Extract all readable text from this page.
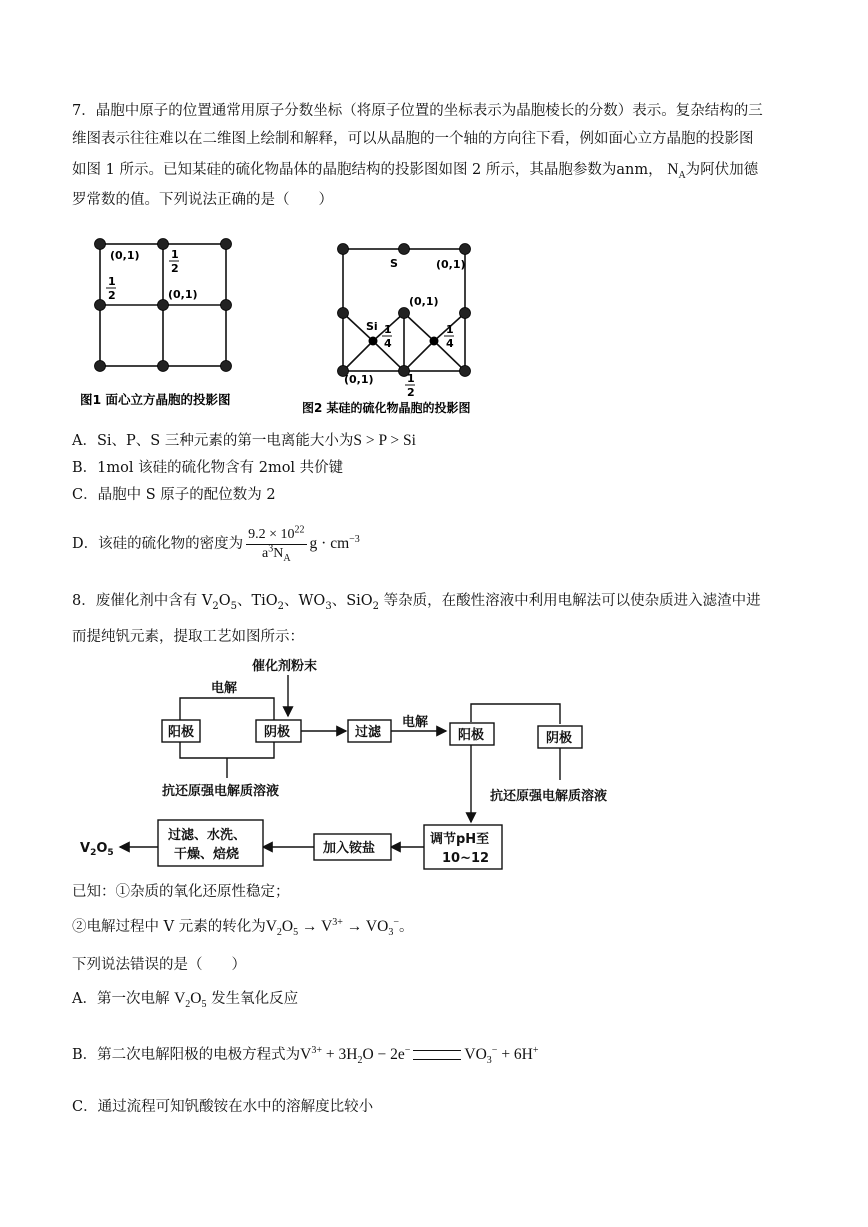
7．晶胞中原子的位置通常用原子分数坐标（将原子位置的坐标表示为晶胞棱长的分数）表示。复杂结构的三
维图表示往往难以在二维图上绘制和解释，可以从晶胞的一个轴的方向往下看，例如面心立方晶胞的投影图
如图 1 所示。已知某硅的硫化物晶体的晶胞结构的投影图如图 2 所示，其晶胞参数为anm， $N_A$为阿伏加德
罗常数的值。下列说法正确的是（　　）
(0,1)	1
2
1
2	(0,1)
图1 面心立方晶胞的投影图
S	(0,1)
(0,1)
Si 1
4
1
4
(0,1)	1
2
图2 某硅的硫化物晶胞的投影图
A．Si、P、S 三种元素的第一电离能大小为S > P > Si
B．1mol 该硅的硫化物含有 2mol 共价键
C．晶胞中 S 原子的配位数为 2
D．该硅的硫化物的密度为 $\frac{9.2 \times 10^{22}}{a^3N_A}$ $g \cdot cm^{-3}$
8．废催化剂中含有 $V_2O_5$、TiO$_2$、$WO_3$、SiO$_2$ 等杂质，在酸性溶液中利用电解法可以使杂质进入滤渣中进
而提纯钒元素，提取工艺如图所示：
催化剂粉末
电解
阳极	阴极
抗还原强电解质溶液
过滤
电解
阳极	阴极
抗还原强电解质溶液
调节pH至
10~12
加入铵盐
过滤、水洗、
干燥、焙烧
$V_2O_5$
已知：①杂质的氧化还原性稳定；
②电解过程中 V 元素的转化为$V_2O_5 \to V^{3+} \to VO_3^-$。
下列说法错误的是（　　）
A．第一次电解 $V_2O_5$ 发生氧化反应
B．第二次电解阳极的电极方程式为$V^{3+} + 3H_2O - 2e^-$	$VO_3^- + 6H^+$
C．通过流程可知钒酸铵在水中的溶解度比较小
